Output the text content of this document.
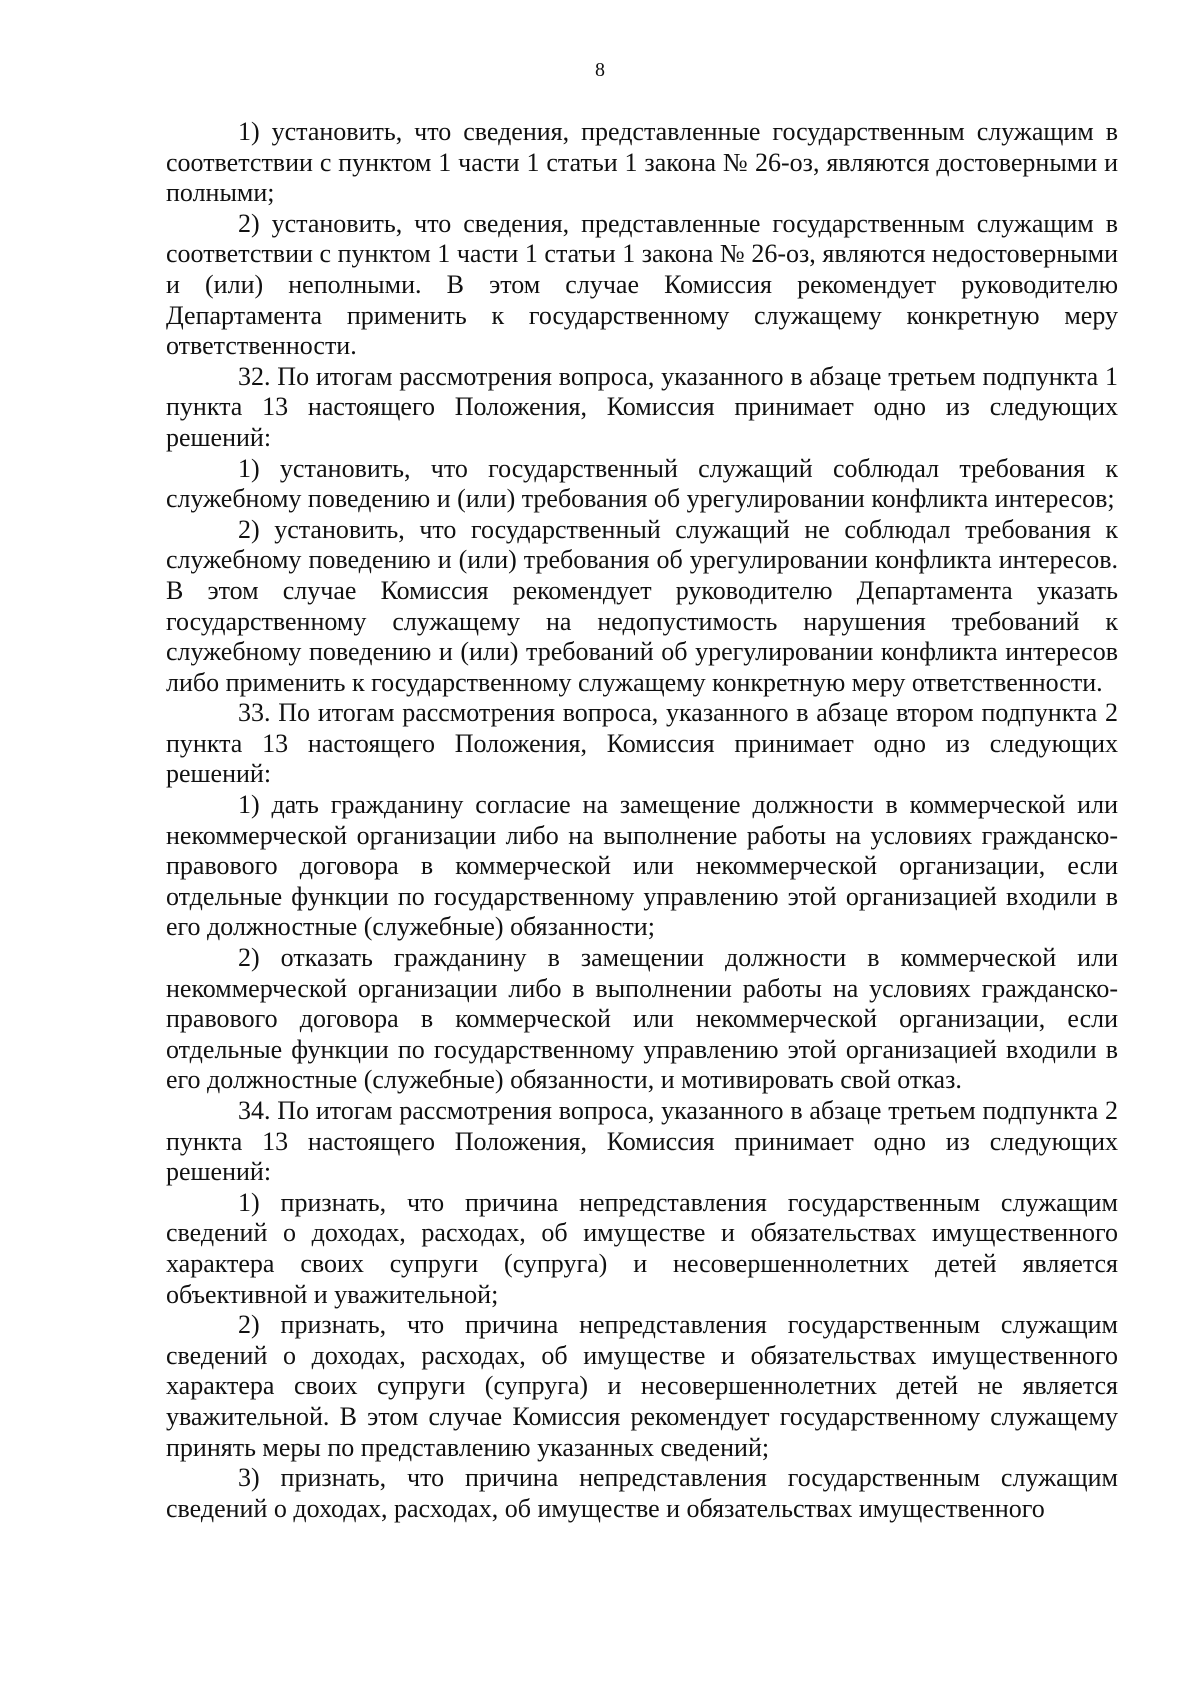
8

1) установить, что сведения, представленные государственным служащим в соответствии с пунктом 1 части 1 статьи 1 закона № 26-оз, являются достоверными и полными;

2) установить, что сведения, представленные государственным служащим в соответствии с пунктом 1 части 1 статьи 1 закона № 26-оз, являются недостоверными и (или) неполными. В этом случае Комиссия рекомендует руководителю Департамента применить к государственному служащему конкретную меру ответственности.

32. По итогам рассмотрения вопроса, указанного в абзаце третьем подпункта 1 пункта 13 настоящего Положения, Комиссия принимает одно из следующих решений:

1) установить, что государственный служащий соблюдал требования к служебному поведению и (или) требования об урегулировании конфликта интересов;

2) установить, что государственный служащий не соблюдал требования к служебному поведению и (или) требования об урегулировании конфликта интересов. В этом случае Комиссия рекомендует руководителю Департамента указать государственному служащему на недопустимость нарушения требований к служебному поведению и (или) требований об урегулировании конфликта интересов либо применить к государственному служащему конкретную меру ответственности.

33. По итогам рассмотрения вопроса, указанного в абзаце втором подпункта 2 пункта 13 настоящего Положения, Комиссия принимает одно из следующих решений:

1) дать гражданину согласие на замещение должности в коммерческой или некоммерческой организации либо на выполнение работы на условиях гражданско-правового договора в коммерческой или некоммерческой организации, если отдельные функции по государственному управлению этой организацией входили в его должностные (служебные) обязанности;

2) отказать гражданину в замещении должности в коммерческой или некоммерческой организации либо в выполнении работы на условиях гражданско-правового договора в коммерческой или некоммерческой организации, если отдельные функции по государственному управлению этой организацией входили в его должностные (служебные) обязанности, и мотивировать свой отказ.

34. По итогам рассмотрения вопроса, указанного в абзаце третьем подпункта 2 пункта 13 настоящего Положения, Комиссия принимает одно из следующих решений:

1) признать, что причина непредставления государственным служащим сведений о доходах, расходах, об имуществе и обязательствах имущественного характера своих супруги (супруга) и несовершеннолетних детей является объективной и уважительной;

2) признать, что причина непредставления государственным служащим сведений о доходах, расходах, об имуществе и обязательствах имущественного характера своих супруги (супруга) и несовершеннолетних детей не является уважительной. В этом случае Комиссия рекомендует государственному служащему принять меры по представлению указанных сведений;

3) признать, что причина непредставления государственным служащим сведений о доходах, расходах, об имуществе и обязательствах имущественного
